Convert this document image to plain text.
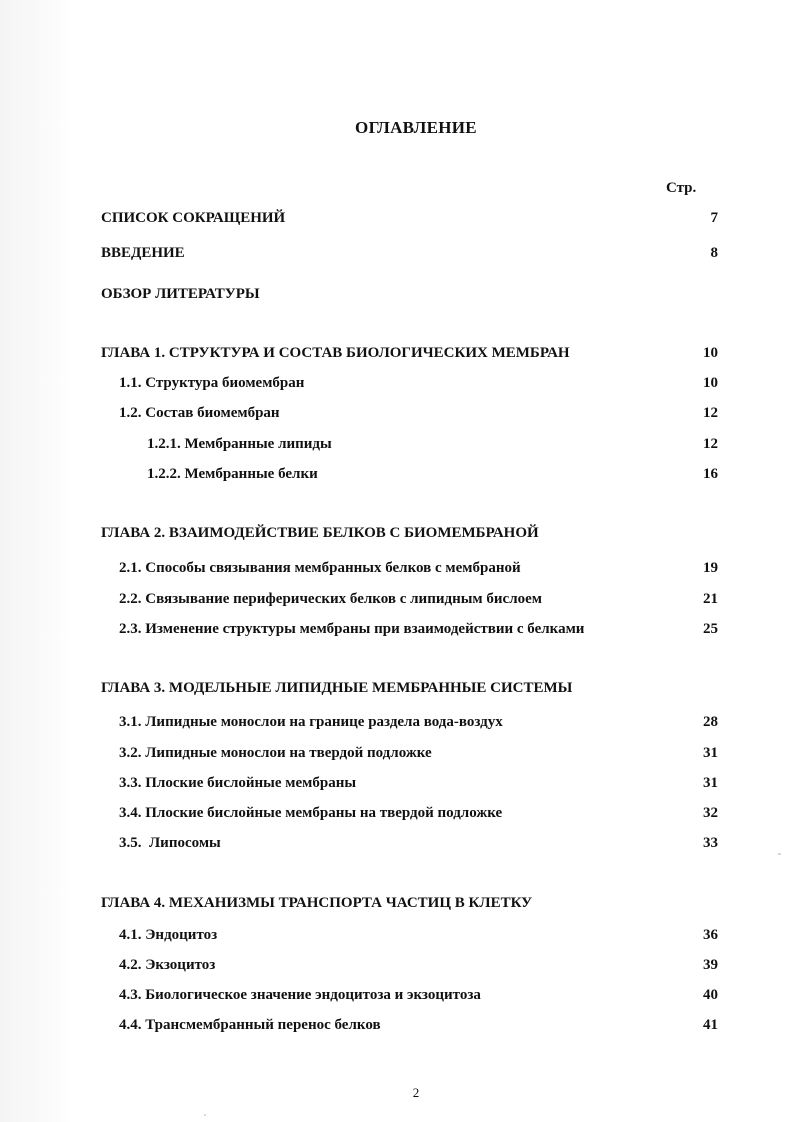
ОГЛАВЛЕНИЕ
Стр.
СПИСОК СОКРАЩЕНИЙ	7
ВВЕДЕНИЕ	8
ОБЗОР ЛИТЕРАТУРЫ
ГЛАВА 1. СТРУКТУРА И СОСТАВ БИОЛОГИЧЕСКИХ МЕМБРАН	10
1.1. Структура биомембран	10
1.2. Состав биомембран	12
1.2.1. Мембранные липиды	12
1.2.2. Мембранные белки	16
ГЛАВА 2. ВЗАИМОДЕЙСТВИЕ БЕЛКОВ С БИОМЕМБРАНОЙ
2.1. Способы связывания мембранных белков с мембраной	19
2.2. Связывание периферических белков с липидным бислоем	21
2.3. Изменение структуры мембраны при взаимодействии с белками	25
ГЛАВА 3. МОДЕЛЬНЫЕ ЛИПИДНЫЕ МЕМБРАННЫЕ СИСТЕМЫ
3.1. Липидные монослои на границе раздела вода-воздух	28
3.2. Липидные монослои на твердой подложке	31
3.3. Плоские бислойные мембраны	31
3.4. Плоские бислойные мембраны на твердой подложке	32
3.5.  Липосомы	33
ГЛАВА 4. МЕХАНИЗМЫ ТРАНСПОРТА ЧАСТИЦ В КЛЕТКУ
4.1. Эндоцитоз	36
4.2. Экзоцитоз	39
4.3. Биологическое значение эндоцитоза и экзоцитоза	40
4.4. Трансмембранный перенос белков	41
2
